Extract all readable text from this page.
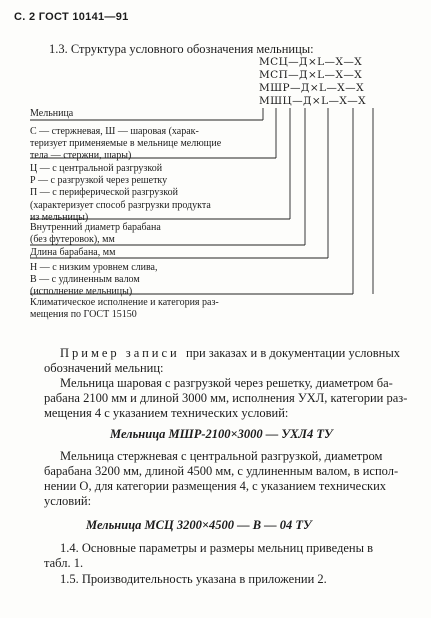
С. 2 ГОСТ 10141—91
1.3. Структура условного обозначения мельницы:
МСЦ—Д×L—Х—Х
МСП—Д×L—Х—Х
МШР—Д×L—Х—Х
МШЦ—Д×L—Х—Х
Мельница
С — стержневая, Ш — шаровая (харак-
теризует применяемые в мельнице мелющие
тела — стержни, шары)
Ц — с центральной разгрузкой
Р — с разгрузкой через решетку
П — с периферической разгрузкой
(характеризует способ разгрузки продукта
из мельницы)
Внутренний диаметр барабана
(без футеровок), мм
Длина барабана, мм
Н — с низким уровнем слива,
В — с удлиненным валом
(исполнение мельницы)
Климатическое исполнение и категория раз-
мещения по ГОСТ 15150
Пример записи при заказах и в документации условных
обозначений мельниц:
Мельница шаровая с разгрузкой через решетку, диаметром ба-
рабана 2100 мм и длиной 3000 мм, исполнения УХЛ, категории раз-
мещения 4 с указанием технических условий:
Мельница МШР-2100×3000 — УХЛ4 ТУ
Мельница стержневая с центральной разгрузкой, диаметром
барабана 3200 мм, длиной 4500 мм, с удлиненным валом, в испол-
нении О, для категории размещения 4, с указанием технических
условий:
Мельница МСЦ 3200×4500 — В — 04 ТУ
1.4. Основные параметры и размеры мельниц приведены в
табл. 1.
1.5. Производительность указана в приложении 2.
